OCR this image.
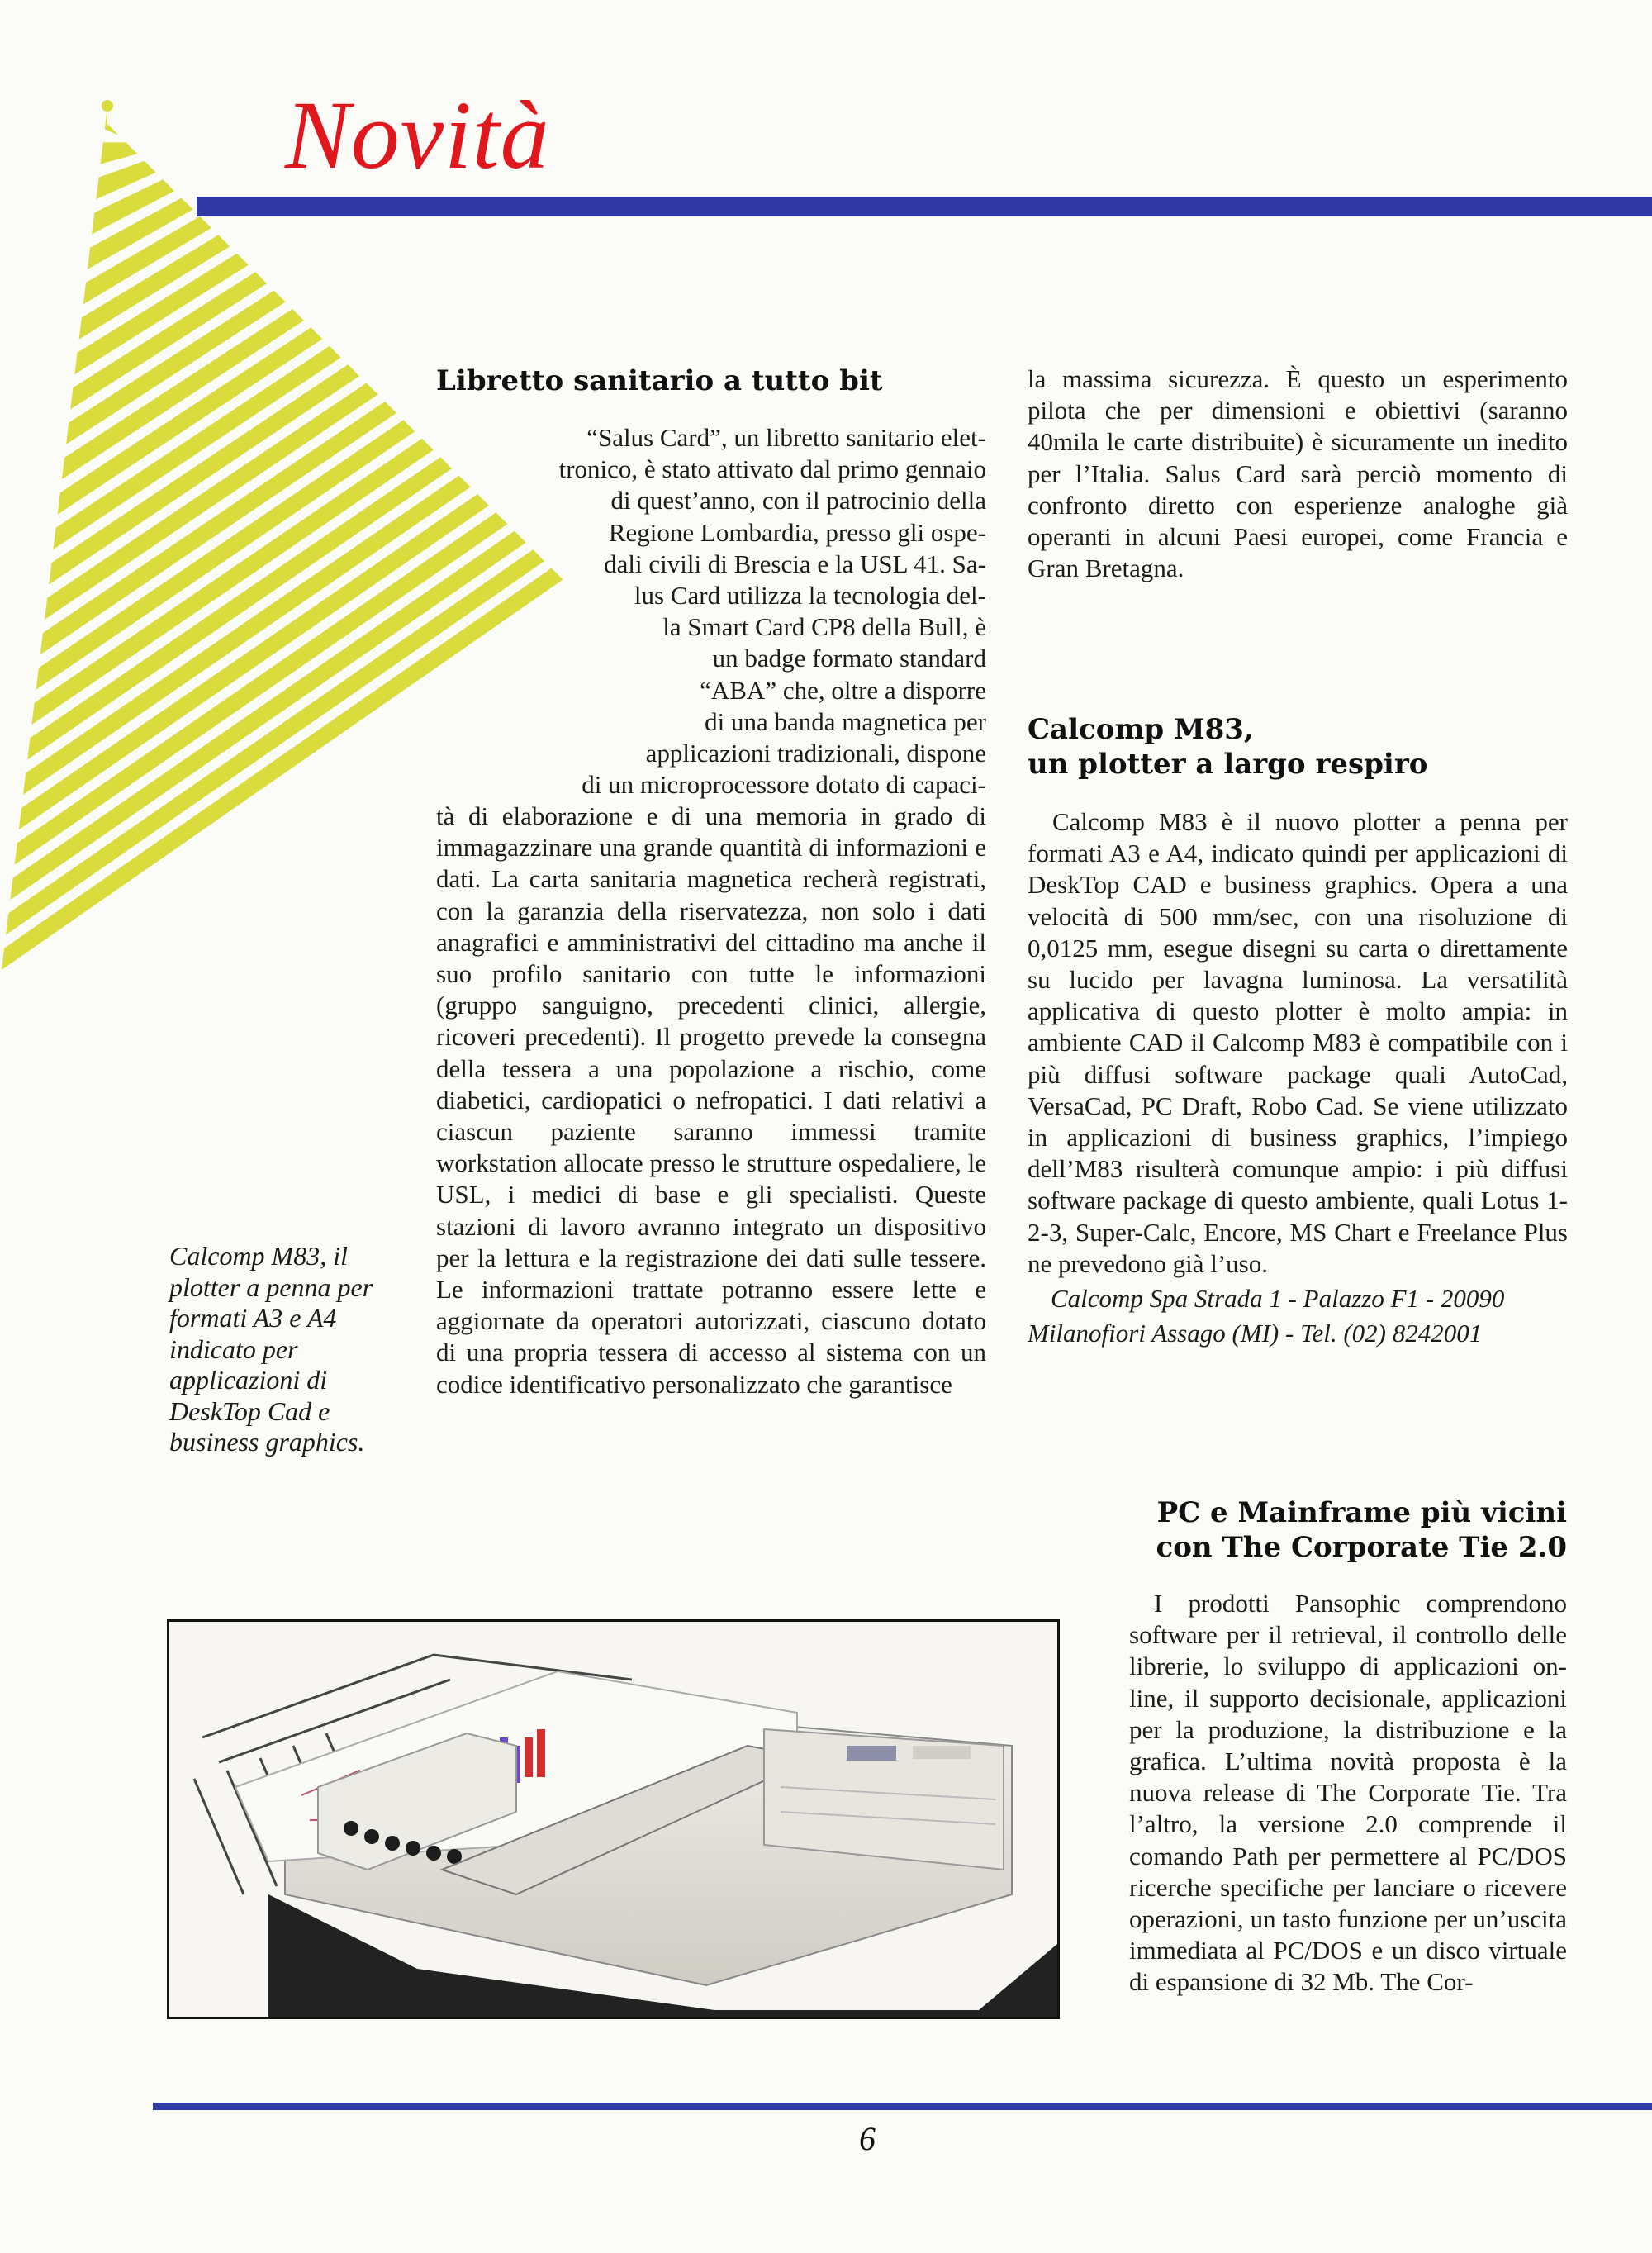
Novità
Libretto sanitario a tutto bit
“Salus Card”, un libretto sanitario elet-
tronico, è stato attivato dal primo gennaio
di quest’anno, con il patrocinio della
Regione Lombardia, presso gli ospe-
dali civili di Brescia e la USL 41. Sa-
lus Card utilizza la tecnologia del-
la Smart Card CP8 della Bull, è
un badge formato standard
“ABA” che, oltre a disporre
di una banda magnetica per
applicazioni tradizionali, dispone
di un microprocessore dotato di capaci-

tà di elaborazione e di una memoria in grado di immagazzinare una grande quantità di informazioni e dati. La carta sanitaria magnetica recherà registrati, con la garanzia della riservatezza, non solo i dati anagrafici e amministrativi del cittadino ma anche il suo profilo sanitario con tutte le informazioni (gruppo sanguigno, precedenti clinici, allergie, ricoveri precedenti). Il progetto prevede la consegna della tessera a una popolazione a rischio, come diabetici, cardiopatici o nefropatici. I dati relativi a ciascun paziente saranno immessi tramite workstation allocate presso le strutture ospedaliere, le USL, i medici di base e gli specialisti. Queste stazioni di lavoro avranno integrato un dispositivo per la lettura e la registrazione dei dati sulle tessere. Le informazioni trattate potranno essere lette e aggiornate da operatori autorizzati, ciascuno dotato di una propria tessera di accesso al sistema con un codice identificativo personalizzato che garantisce

la massima sicurezza. È questo un esperimento pilota che per dimensioni e obiettivi (saranno 40mila le carte distribuite) è sicuramente un inedito per l’Italia. Salus Card sarà perciò momento di confronto diretto con esperienze analoghe già operanti in alcuni Paesi europei, come Francia e Gran Bretagna.

Calcomp M83,
un plotter a largo respiro

Calcomp M83 è il nuovo plotter a penna per formati A3 e A4, indicato quindi per applicazioni di DeskTop CAD e business graphics. Opera a una velocità di 500 mm/sec, con una risoluzione di 0,0125 mm, esegue disegni su carta o direttamente su lucido per lavagna luminosa. La versatilità applicativa di questo plotter è molto ampia: in ambiente CAD il Calcomp M83 è compatibile con i più diffusi software package quali AutoCad, VersaCad, PC Draft, Robo Cad. Se viene utilizzato in applicazioni di business graphics, l’impiego dell’M83 risulterà comunque ampio: i più diffusi software package di questo ambiente, quali Lotus 1-2-3, Super-Calc, Encore, MS Chart e Freelance Plus ne prevedono già l’uso.

Calcomp Spa Strada 1 - Palazzo F1 - 20090
Milanofiori Assago (MI) - Tel. (02) 8242001
Calcomp M83, il plotter a penna per formati A3 e A4 indicato per applicazioni di DeskTop Cad e business graphics.
PC e Mainframe più vicini
con The Corporate Tie 2.0

I prodotti Pansophic comprendono software per il retrieval, il controllo delle librerie, lo sviluppo di applicazioni on-line, il supporto decisionale, applicazioni per la produzione, la distribuzione e la grafica. L’ultima novità proposta è la nuova release di The Corporate Tie. Tra l’altro, la versione 2.0 comprende il comando Path per permettere al PC/DOS ricerche specifiche per lanciare o ricevere operazioni, un tasto funzione per un’uscita immediata al PC/DOS e un disco virtuale di espansione di 32 Mb. The Cor-

6
